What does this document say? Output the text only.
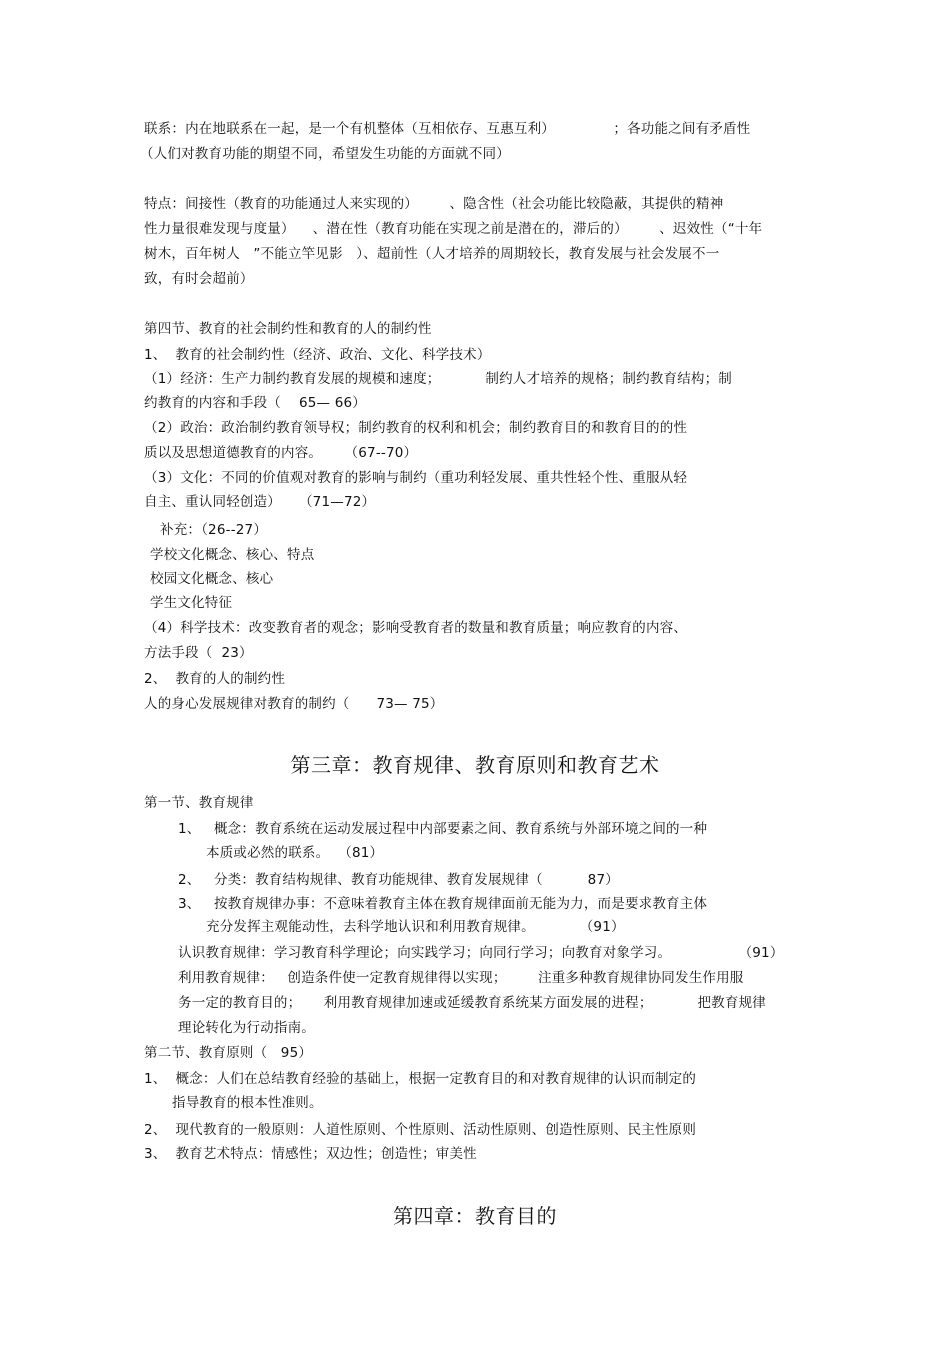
联系：内在地联系在一起，是一个有机整体（互相依存、互惠互利）             ；各功能之间有矛盾性
（人们对教育功能的期望不同，希望发生功能的方面就不同）
特点：间接性（教育的功能通过人来实现的）       、隐含性（社会功能比较隐蔽，其提供的精神
性力量很难发现与度量）    、潜在性（教育功能在实现之前是潜在的，滞后的）       、迟效性（“十年
树木，百年树人   ”不能立竿见影   ）、超前性（人才培养的周期较长，教育发展与社会发展不一
致，有时会超前）
第四节、教育的社会制约性和教育的人的制约性
1、  教育的社会制约性（经济、政治、文化、科学技术）
（1）经济：生产力制约教育发展的规模和速度；          制约人才培养的规格；制约教育结构；制
约教育的内容和手段（    65— 66）
（2）政治：政治制约教育领导权；制约教育的权利和机会；制约教育目的和教育目的的性
质以及思想道德教育的内容。     （67--70）
（3）文化：不同的价值观对教育的影响与制约（重功利轻发展、重共性轻个性、重服从轻
自主、重认同轻创造）    （71—72）
补充：（26--27）
学校文化概念、核心、特点
校园文化概念、核心
学生文化特征
（4）科学技术：改变教育者的观念；影响受教育者的数量和教育质量；响应教育的内容、
方法手段（  23）
2、  教育的人的制约性
人的身心发展规律对教育的制约（      73— 75）
第三章：教育规律、教育原则和教育艺术
第一节、教育规律
1、   概念：教育系统在运动发展过程中内部要素之间、教育系统与外部环境之间的一种
本质或必然的联系。  （81）
2、   分类：教育结构规律、教育功能规律、教育发展规律（          87）
3、   按教育规律办事：不意味着教育主体在教育规律面前无能为力，而是要求教育主体
充分发挥主观能动性，去科学地认识和利用教育规律。          （91）
认识教育规律：学习教育科学理论；向实践学习；向同行学习；向教育对象学习。               （91）
利用教育规律：   创造条件使一定教育规律得以实现；       注重多种教育规律协同发生作用服
务一定的教育目的；     利用教育规律加速或延缓教育系统某方面发展的进程；          把教育规律
理论转化为行动指南。
第二节、教育原则（   95）
1、  概念：人们在总结教育经验的基础上，根据一定教育目的和对教育规律的认识而制定的
指导教育的根本性准则。
2、  现代教育的一般原则：人道性原则、个性原则、活动性原则、创造性原则、民主性原则
3、  教育艺术特点：情感性；双边性；创造性；审美性
第四章：教育目的
